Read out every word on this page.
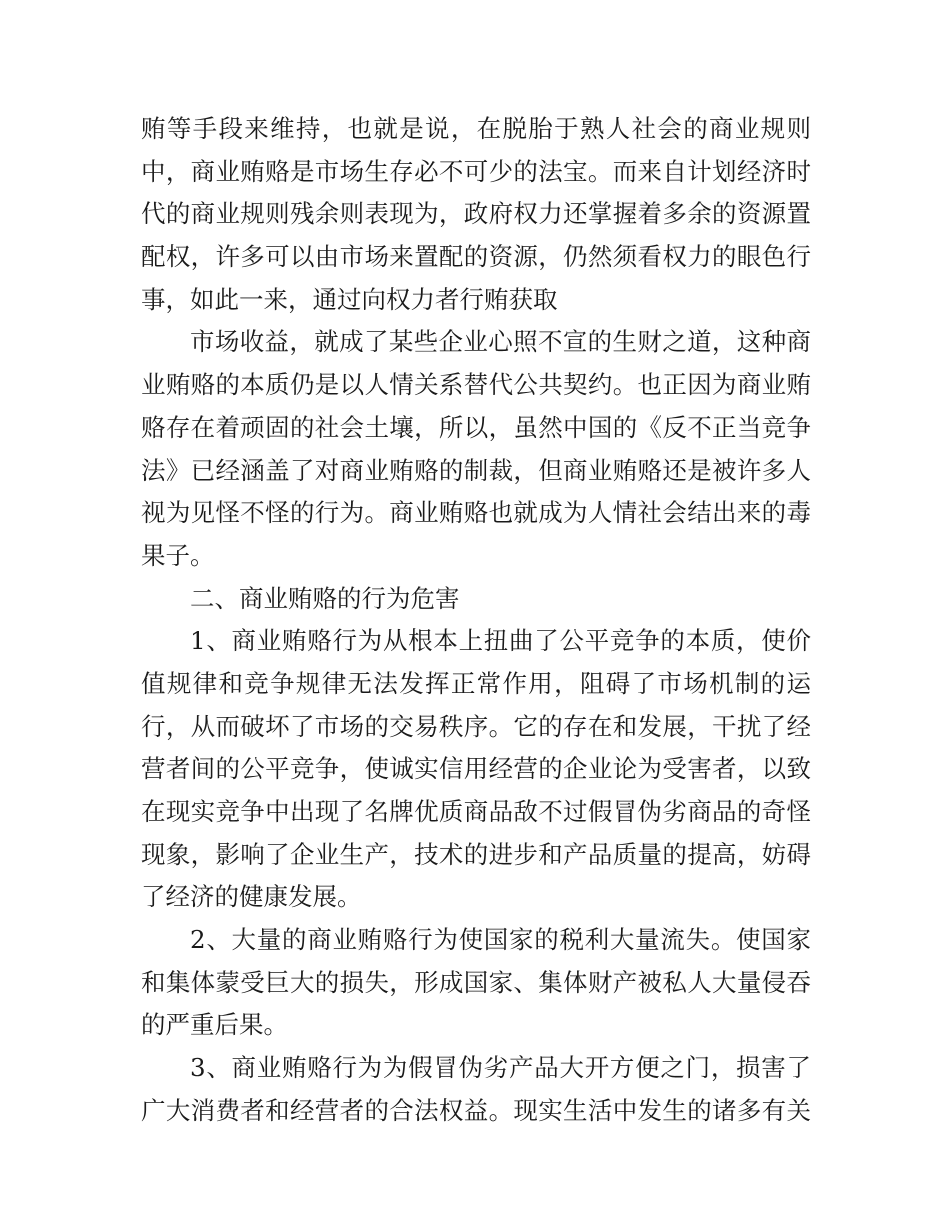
贿等手段来维持，也就是说，在脱胎于熟人社会的商业规则
中，商业贿赂是市场生存必不可少的法宝。而来自计划经济时
代的商业规则残余则表现为，政府权力还掌握着多余的资源置
配权，许多可以由市场来置配的资源，仍然须看权力的眼色行
事，如此一来，通过向权力者行贿获取
市场收益，就成了某些企业心照不宣的生财之道，这种商
业贿赂的本质仍是以人情关系替代公共契约。也正因为商业贿
赂存在着顽固的社会土壤，所以，虽然中国的《反不正当竞争
法》已经涵盖了对商业贿赂的制裁，但商业贿赂还是被许多人
视为见怪不怪的行为。商业贿赂也就成为人情社会结出来的毒
果子。
二、商业贿赂的行为危害
1、商业贿赂行为从根本上扭曲了公平竞争的本质，使价
值规律和竞争规律无法发挥正常作用，阻碍了市场机制的运
行，从而破坏了市场的交易秩序。它的存在和发展，干扰了经
营者间的公平竞争，使诚实信用经营的企业论为受害者，以致
在现实竞争中出现了名牌优质商品敌不过假冒伪劣商品的奇怪
现象，影响了企业生产，技术的进步和产品质量的提高，妨碍
了经济的健康发展。
2、大量的商业贿赂行为使国家的税利大量流失。使国家
和集体蒙受巨大的损失，形成国家、集体财产被私人大量侵吞
的严重后果。
3、商业贿赂行为为假冒伪劣产品大开方便之门，损害了
广大消费者和经营者的合法权益。现实生活中发生的诸多有关
